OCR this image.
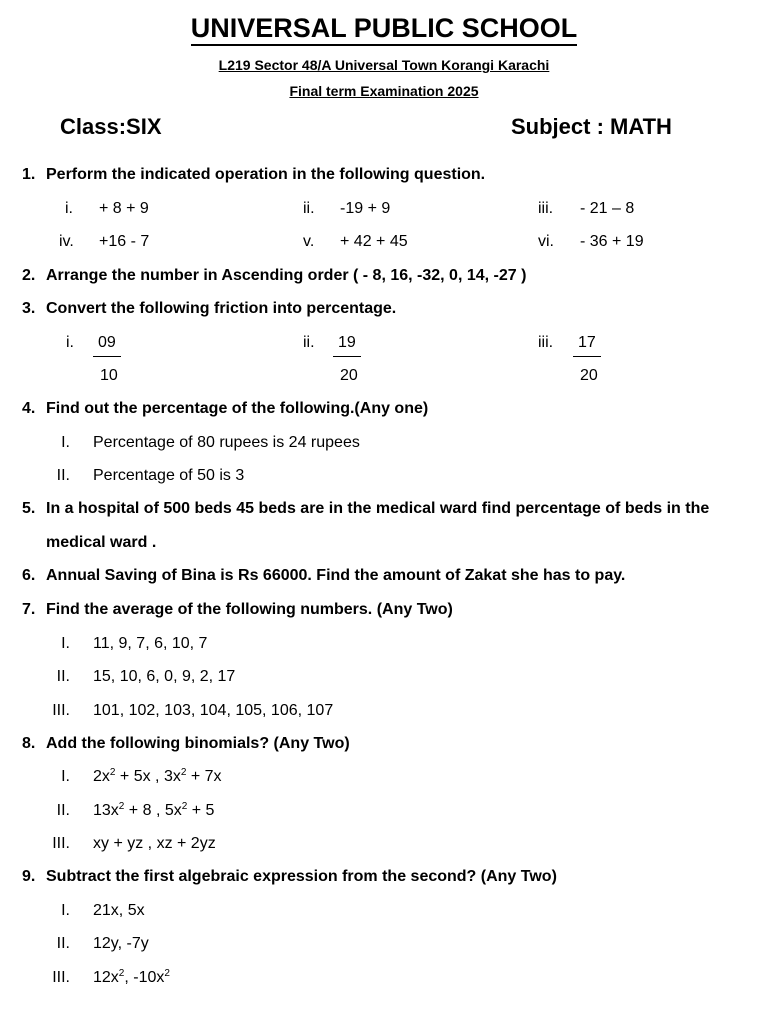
UNIVERSAL PUBLIC SCHOOL
L219 Sector 48/A Universal Town Korangi Karachi
Final term Examination 2025
Class:SIX	Subject : MATH
1. Perform the indicated operation in the following question.
i. + 8 + 9	ii. -19 + 9	iii. - 21 – 8
iv. +16 - 7	v. + 42 + 45	vi. - 36 + 19
2. Arrange the number in Ascending order ( - 8, 16, -32, 0, 14, -27 )
3. Convert the following friction into percentage.
i.	09
10
ii.	19
20
iii.	17
20
4. Find out the percentage of the following.(Any one)
I. Percentage of 80 rupees is 24 rupees
II. Percentage of 50 is 3
5. In a hospital of 500 beds 45 beds are in the medical ward find percentage of beds in the
medical ward .
6. Annual Saving of Bina is Rs 66000. Find the amount of Zakat she has to pay.
7. Find the average of the following numbers. (Any Two)
I. 11, 9, 7, 6, 10, 7
II. 15, 10, 6, 0, 9, 2, 17
III. 101, 102, 103, 104, 105, 106, 107
8. Add the following binomials? (Any Two)
I. $2x^2 + 5x$ , $3x^2 + 7x$
II. $13x^2 + 8$ , $5x^2 + 5$
III. xy + yz , xz + 2yz
9. Subtract the first algebraic expression from the second? (Any Two)
I. 21x, 5x
II. 12y, -7y
III. $12x^2$, $-10x^2$
